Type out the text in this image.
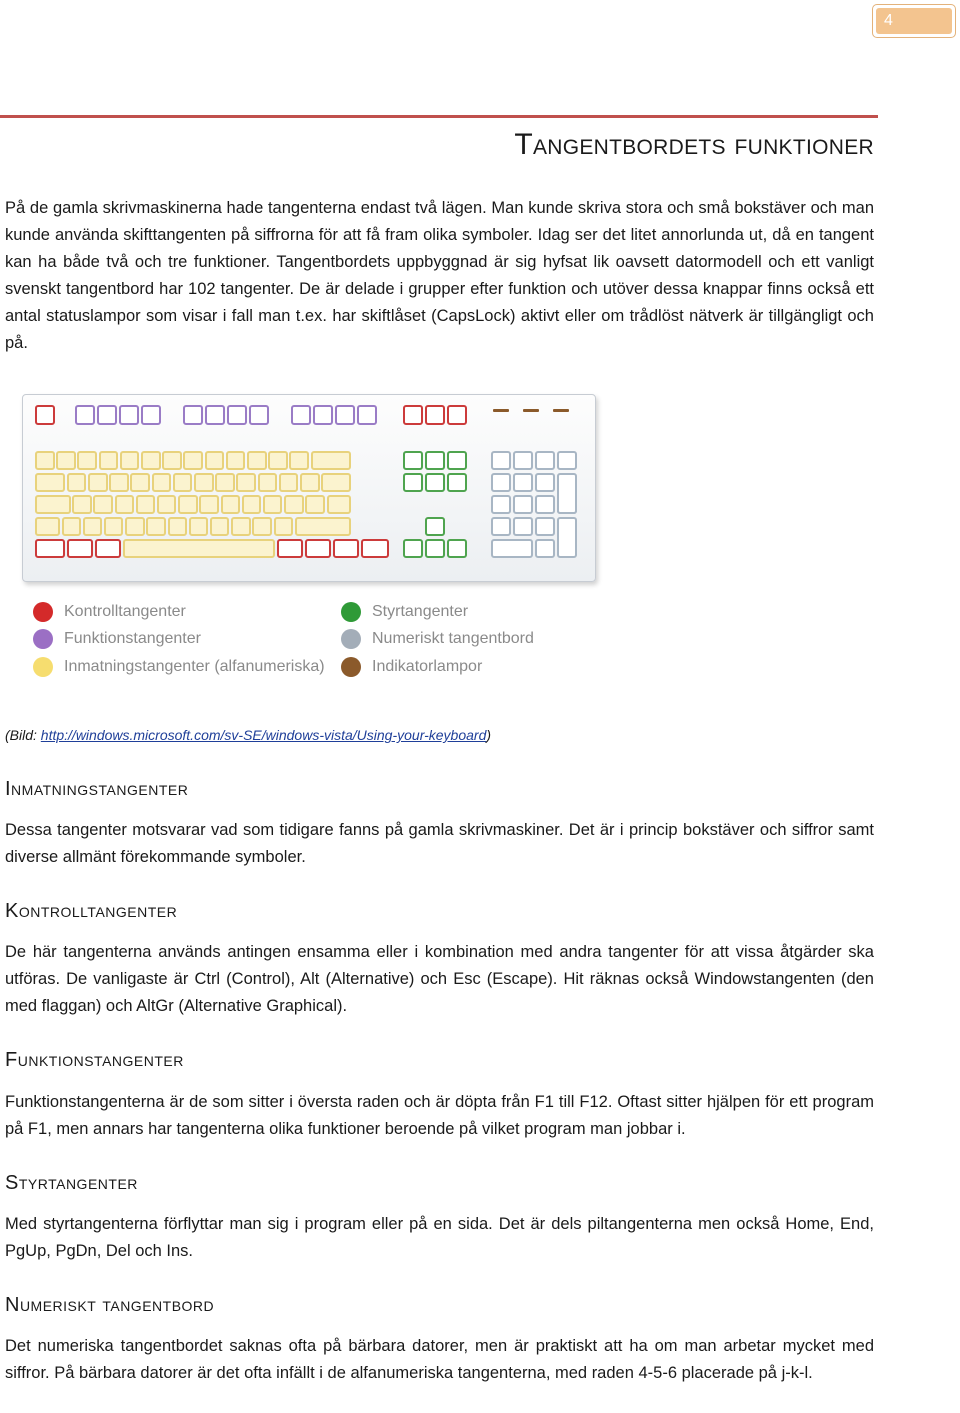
4
Tangentbordets funktioner

På de gamla skrivmaskinerna hade tangenterna endast två lägen. Man kunde skriva stora och små bokstäver och man kunde använda skifttangenten på siffrorna för att få fram olika symboler. Idag ser det litet annorlunda ut, då en tangent kan ha både två och tre funktioner. Tangentbordets uppbyggnad är sig hyfsat lik oavsett datormodell och ett vanligt svenskt tangentbord har 102 tangenter. De är delade i grupper efter funktion och utöver dessa knappar finns också ett antal statuslampor som visar i fall man t.ex. har skiftlåset (CapsLock) aktivt eller om trådlöst nätverk är tillgängligt och på.

Kontrolltangenter
Funktionstangenter
Inmatningstangenter (alfanumeriska)
Styrtangenter
Numeriskt tangentbord
Indikatorlampor
(Bild: http://windows.microsoft.com/sv-SE/windows-vista/Using-your-keyboard)
Inmatningstangenter

Dessa tangenter motsvarar vad som tidigare fanns på gamla skrivmaskiner. Det är i princip bokstäver och siffror samt diverse allmänt förekommande symboler.

Kontrolltangenter

De här tangenterna används antingen ensamma eller i kombination med andra tangenter för att vissa åtgärder ska utföras. De vanligaste är Ctrl (Control), Alt (Alternative) och Esc (Escape). Hit räknas också Windowstangenten (den med flaggan) och AltGr (Alternative Graphical).

Funktionstangenter

Funktionstangenterna är de som sitter i översta raden och är döpta från F1 till F12. Oftast sitter hjälpen för ett program på F1, men annars har tangenterna olika funktioner beroende på vilket program man jobbar i.

Styrtangenter

Med styrtangenterna förflyttar man sig i program eller på en sida. Det är dels piltangenterna men också Home, End, PgUp, PgDn, Del och Ins.

Numeriskt tangentbord

Det numeriska tangentbordet saknas ofta på bärbara datorer, men är praktiskt att ha om man arbetar mycket med siffror. På bärbara datorer är det ofta infällt i de alfanumeriska tangenterna, med raden 4-5-6 placerade på j-k-l.
